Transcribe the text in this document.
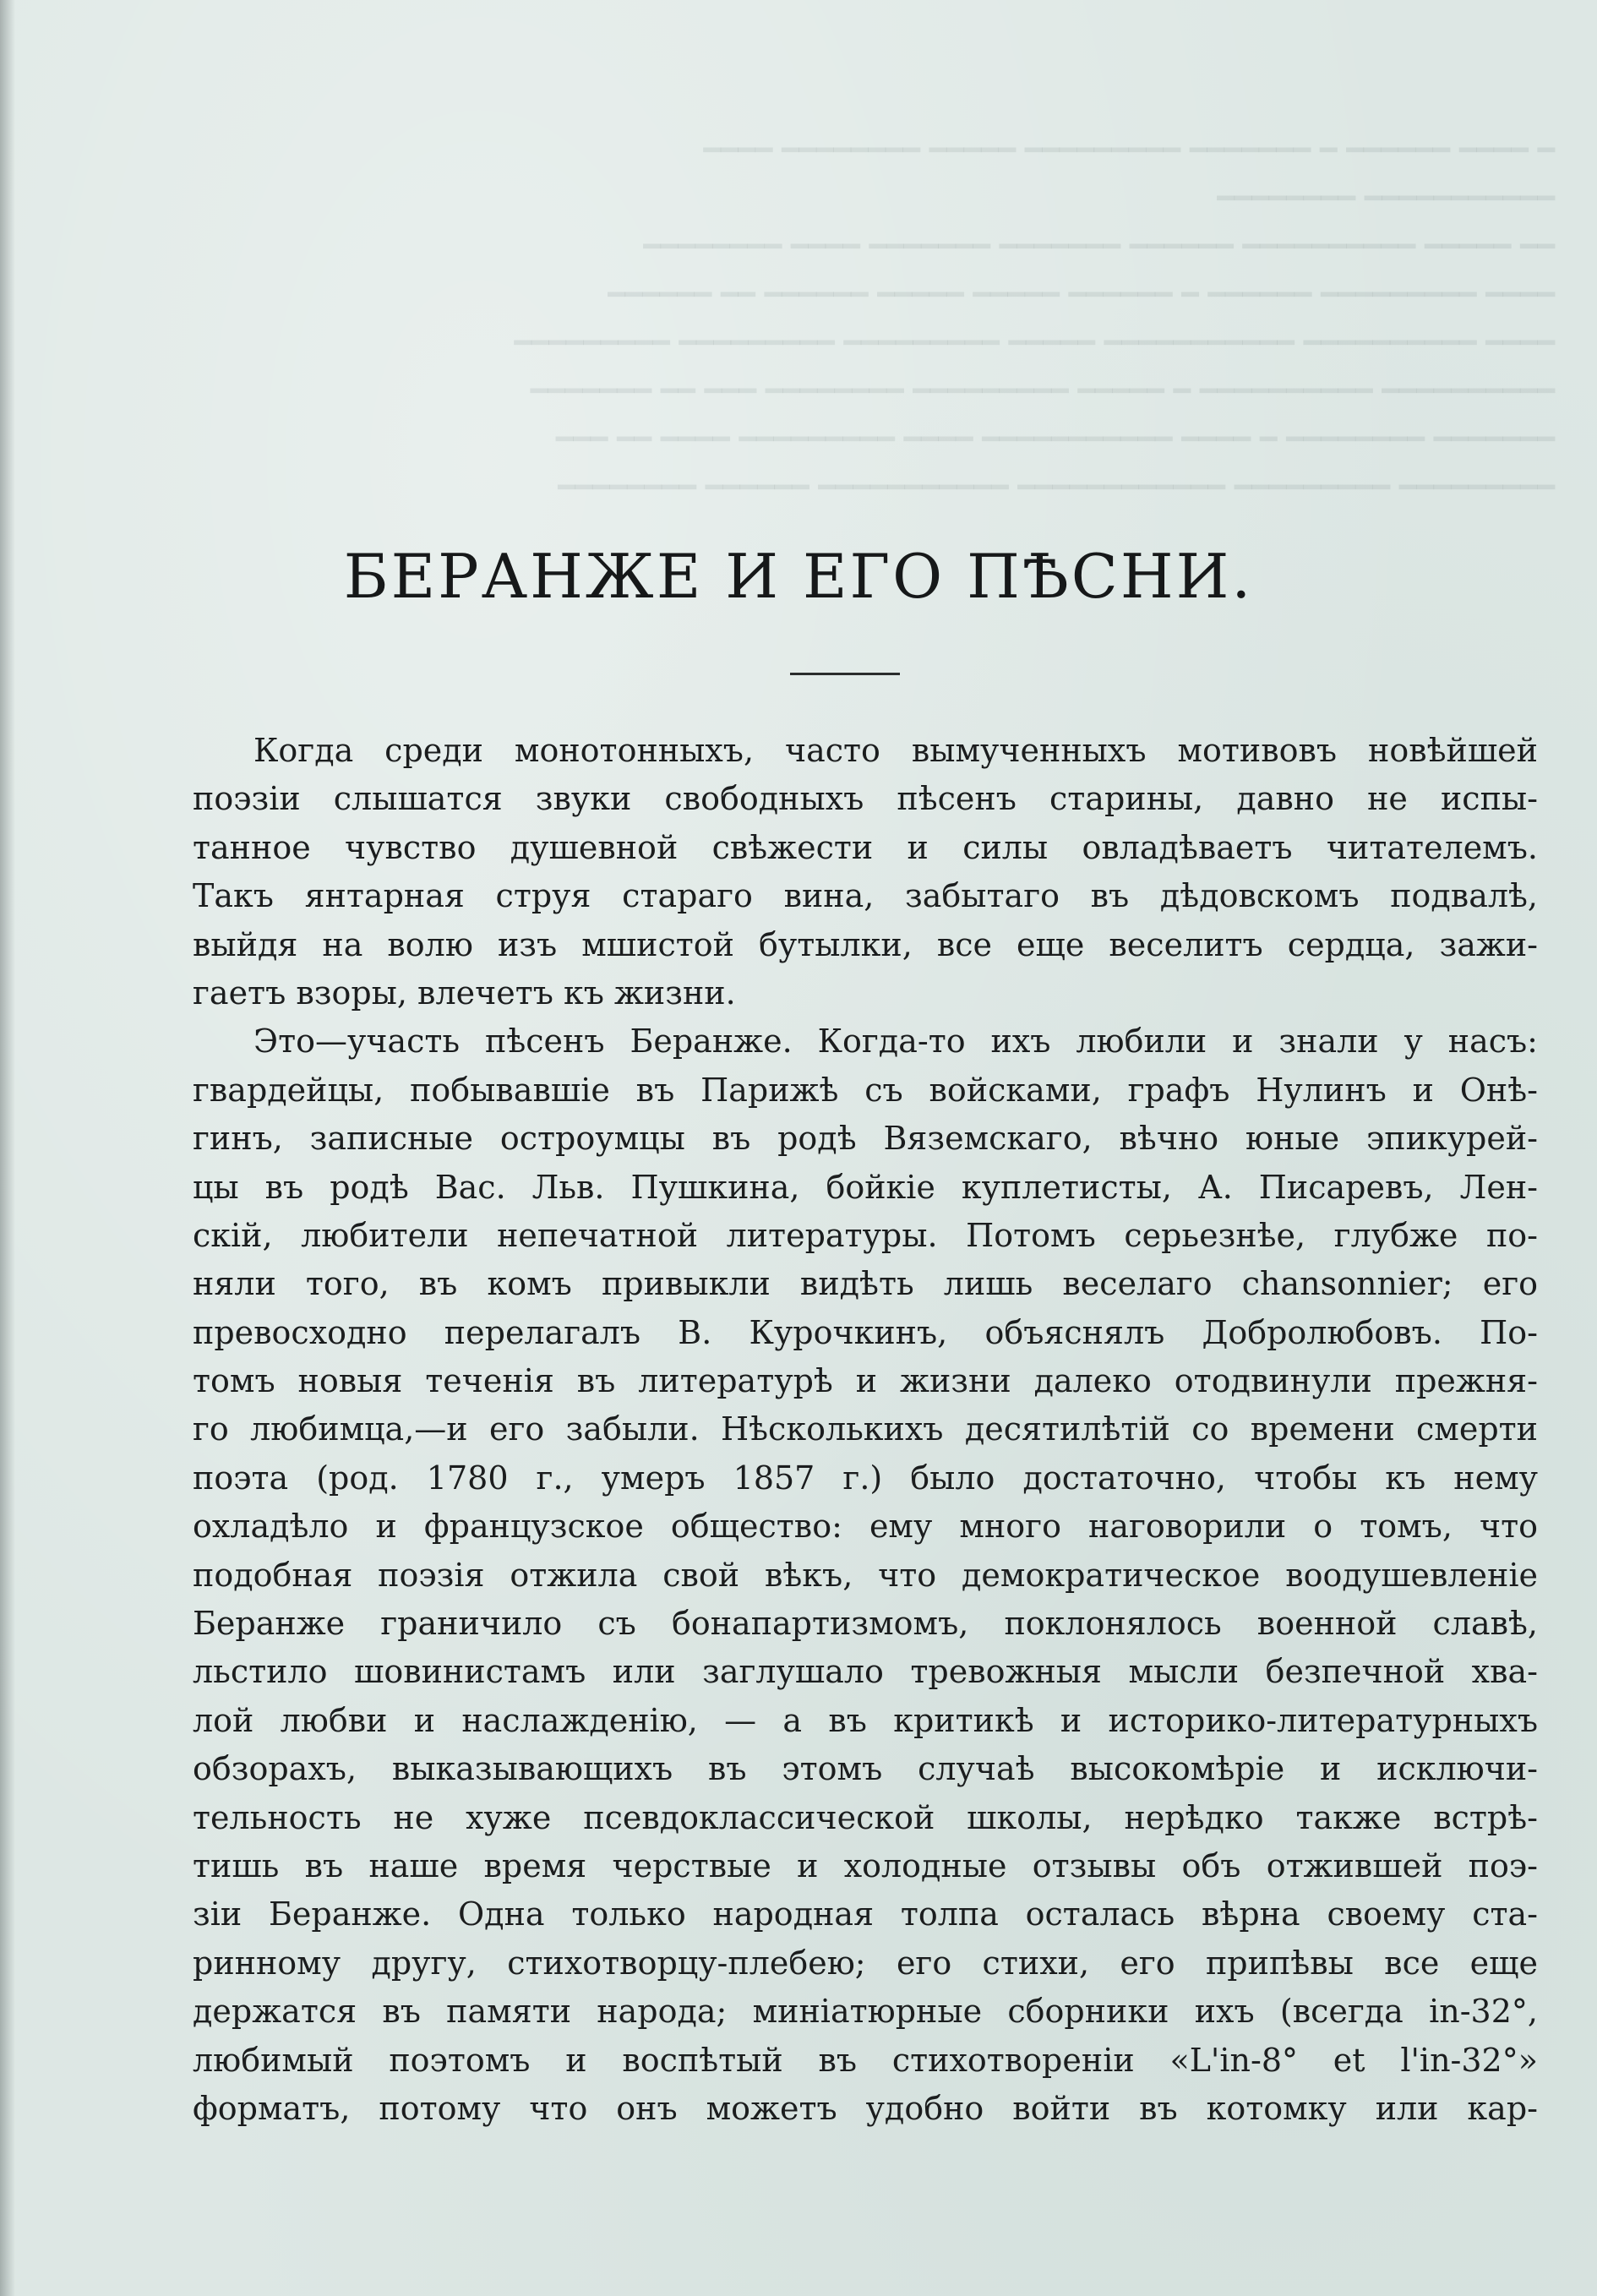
━ ━━━━ ━━━━━━ ━ ━━━━━━━ ━━━━━━━━━ ━━━━━ ━━━━━━━━ ━━━━
━━━━━━━━━━━ ━━━━━━━━
━━ ━━━━━ ━━━━━━━━━━ ━━━━━━ ━━━━━━━ ━━━━━━━ ━━━━ ━━━━━━━━
━━━━ ━━━━━━━━━ ━━━━━━ ━ ━━━━━━ ━━━━━ ━━━━━ ━━━━━━ ━━ ━━━━━━
━━━━ ━━━━━━━━━━ ━━━━━━━━━━━ ━━━━━ ━━━━━━━━━ ━━━━━━━━━ ━━━━━━━━━
━━━━━━━━━━ ━━━━━━━━━━ ━ ━━━━━ ━━━━━━━━━ ━━━━━━━━ ━━━ ━━ ━━━━━━━
━━━━━━━ ━━━━━━━━ ━ ━━━━ ━━━━━━━━━━━ ━━━━ ━━━━━━━━━ ━━━━ ━━ ━━━
━━━━━━━━━ ━━━━━━━━━ ━━━━━━━━━━━━ ━━━━━━━━━━━ ━━━━━━ ━━━━━━━━
БЕРАНЖЕ И ЕГО ПѢСНИ.
Когда среди монотонныхъ, часто вымученныхъ мотивовъ новѣйшей
поэзіи слышатся звуки свободныхъ пѣсенъ старины, давно не испы-
танное чувство душевной свѣжести и силы овладѣваетъ читателемъ.
Такъ янтарная струя стараго вина, забытаго въ дѣдовскомъ подвалѣ,
выйдя на волю изъ мшистой бутылки, все еще веселитъ сердца, зажи-
гаетъ взоры, влечетъ къ жизни.
Это—участь пѣсенъ Беранже. Когда-то ихъ любили и знали у насъ:
гвардейцы, побывавшіе въ Парижѣ съ войсками, графъ Нулинъ и Онѣ-
гинъ, записные остроумцы въ родѣ Вяземскаго, вѣчно юные эпикурей-
цы въ родѣ Вас. Льв. Пушкина, бойкіе куплетисты, А. Писаревъ, Лен-
скій, любители непечатной литературы. Потомъ серьезнѣе, глубже по-
няли того, въ комъ привыкли видѣть лишь веселаго chansonnier; его
превосходно перелагалъ В. Курочкинъ, объяснялъ Добролюбовъ. По-
томъ новыя теченія въ литературѣ и жизни далеко отодвинули прежня-
го любимца,—и его забыли. Нѣсколькихъ десятилѣтій со времени смерти
поэта (род. 1780 г., умеръ 1857 г.) было достаточно, чтобы къ нему
охладѣло и французское общество: ему много наговорили о томъ, что
подобная поэзія отжила свой вѣкъ, что демократическое воодушевленіе
Беранже граничило съ бонапартизмомъ, поклонялось военной славѣ,
льстило шовинистамъ или заглушало тревожныя мысли безпечной хва-
лой любви и наслажденію, — а въ критикѣ и историко-литературныхъ
обзорахъ, выказывающихъ въ этомъ случаѣ высокомѣріе и исключи-
тельность не хуже псевдоклассической школы, нерѣдко также встрѣ-
тишь въ наше время черствые и холодные отзывы объ отжившей поэ-
зіи Беранже. Одна только народная толпа осталась вѣрна своему ста-
ринному другу, стихотворцу-плебею; его стихи, его припѣвы все еще
держатся въ памяти народа; миніатюрные сборники ихъ (всегда in-32°,
любимый поэтомъ и воспѣтый въ стихотвореніи «L'in-8° et l'in-32°»
форматъ, потому что онъ можетъ удобно войти въ котомку или кар-
